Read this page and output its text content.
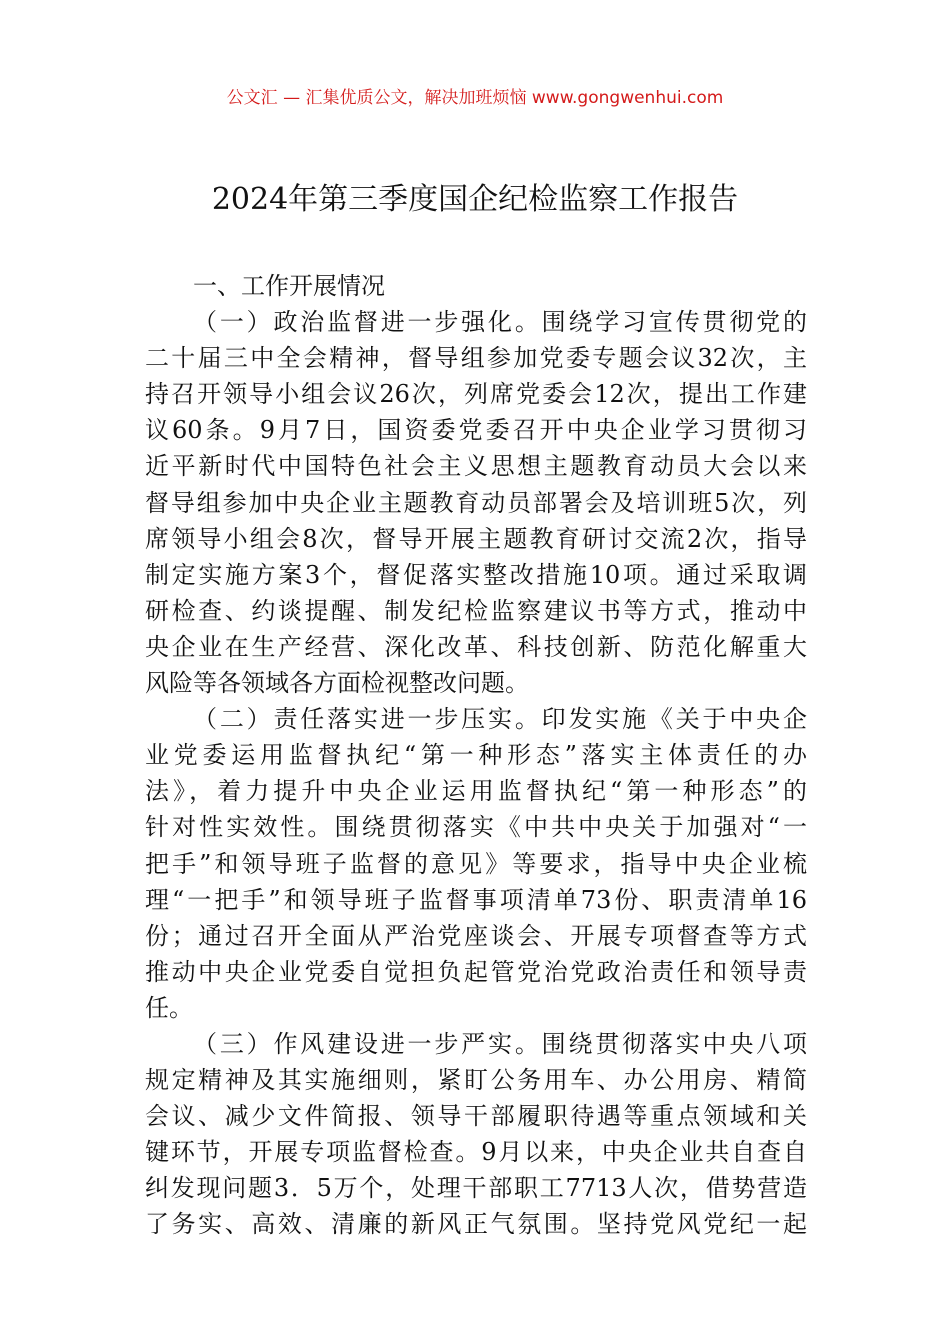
公文汇 — 汇集优质公文，解决加班烦恼 www.gongwenhui.com
2024年第三季度国企纪检监察工作报告
一、工作开展情况
（一）政治监督进一步强化。围绕学习宣传贯彻党的
二十届三中全会精神，督导组参加党委专题会议32次，主
持召开领导小组会议26次，列席党委会12次，提出工作建
议60条。9月7日，国资委党委召开中央企业学习贯彻习
近平新时代中国特色社会主义思想主题教育动员大会以来
督导组参加中央企业主题教育动员部署会及培训班5次，列
席领导小组会8次，督导开展主题教育研讨交流2次，指导
制定实施方案3个，督促落实整改措施10项。通过采取调
研检查、约谈提醒、制发纪检监察建议书等方式，推动中
央企业在生产经营、深化改革、科技创新、防范化解重大
风险等各领域各方面检视整改问题。
（二）责任落实进一步压实。印发实施《关于中央企
业党委运用监督执纪“第一种形态”落实主体责任的办
法》，着力提升中央企业运用监督执纪“第一种形态”的
针对性实效性。围绕贯彻落实《中共中央关于加强对“一
把手”和领导班子监督的意见》等要求，指导中央企业梳
理“一把手”和领导班子监督事项清单73份、职责清单16
份；通过召开全面从严治党座谈会、开展专项督查等方式
推动中央企业党委自觉担负起管党治党政治责任和领导责
任。
（三）作风建设进一步严实。围绕贯彻落实中央八项
规定精神及其实施细则，紧盯公务用车、办公用房、精简
会议、减少文件简报、领导干部履职待遇等重点领域和关
键环节，开展专项监督检查。9月以来，中央企业共自查自
纠发现问题3．5万个，处理干部职工7713人次，借势营造
了务实、高效、清廉的新风正气氛围。坚持党风党纪一起
